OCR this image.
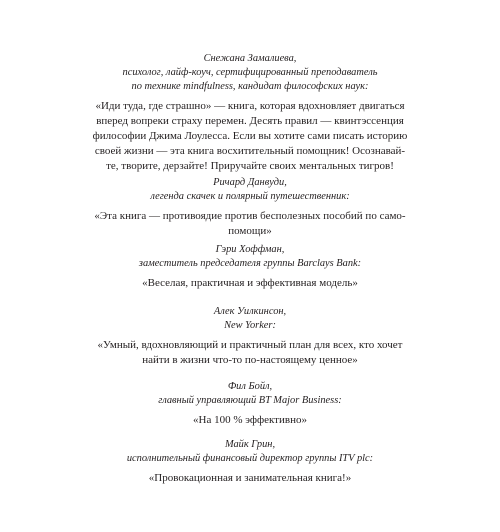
Снежана Замалиева,
психолог, лайф-коуч, сертифицированный преподаватель
по технике mindfulness, кандидат философских наук:
«Иди туда, где страшно» — книга, которая вдохновляет двигаться
вперед вопреки страху перемен. Десять правил — квинтэссенция
философии Джима Лоулесса. Если вы хотите сами писать историю
своей жизни — эта книга восхитительный помощник! Осознавай-
те, творите, дерзайте! Приручайте своих ментальных тигров!
Ричард Данвуди,
легенда скачек и полярный путешественник:
«Эта книга — противоядие против бесполезных пособий по само-
помощи»
Гэри Хоффман,
заместитель председателя группы Barclays Bank:
«Веселая, практичная и эффективная модель»
Алек Уилкинсон,
New Yorker:
«Умный, вдохновляющий и практичный план для всех, кто хочет
найти в жизни что-то по-настоящему ценное»
Фил Бойл,
главный управляющий BT Major Business:
«На 100 % эффективно»
Майк Грин,
исполнительный финансовый директор группы ITV plc:
«Провокационная и занимательная книга!»
